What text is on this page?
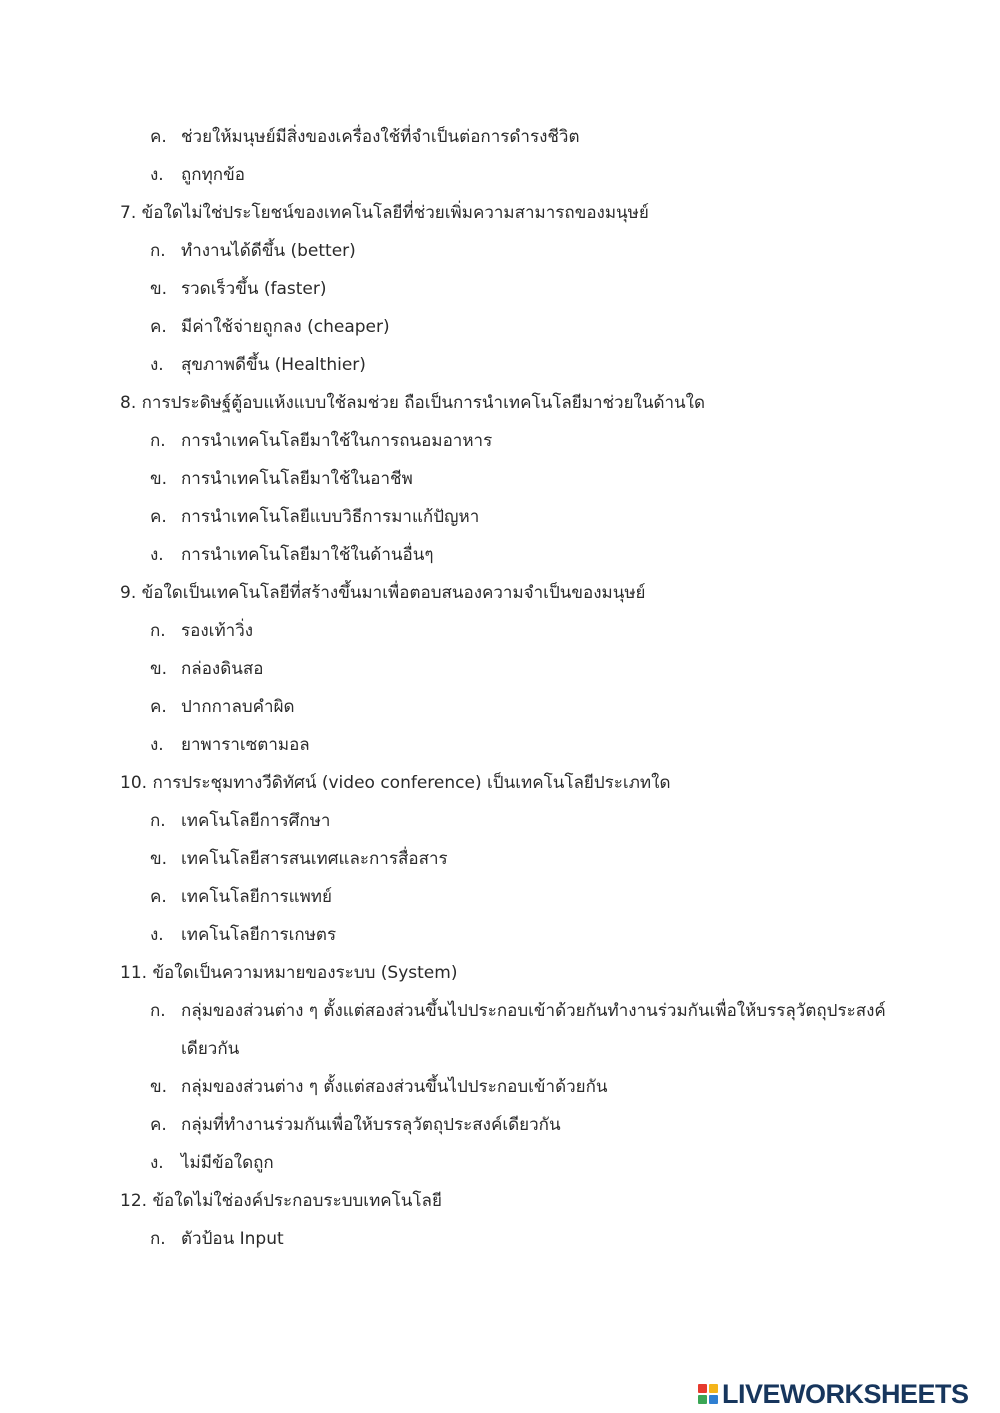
ค. ช่วยให้มนุษย์มีสิ่งของเครื่องใช้ที่จำเป็นต่อการดำรงชีวิต
ง. ถูกทุกข้อ
7. ข้อใดไม่ใช่ประโยชน์ของเทคโนโลยีที่ช่วยเพิ่มความสามารถของมนุษย์
ก. ทำงานได้ดีขึ้น (better)
ข. รวดเร็วขึ้น (faster)
ค. มีค่าใช้จ่ายถูกลง (cheaper)
ง. สุขภาพดีขึ้น (Healthier)
8. การประดิษฐ์ตู้อบแห้งแบบใช้ลมช่วย ถือเป็นการนำเทคโนโลยีมาช่วยในด้านใด
ก. การนำเทคโนโลยีมาใช้ในการถนอมอาหาร
ข. การนำเทคโนโลยีมาใช้ในอาชีพ
ค. การนำเทคโนโลยีแบบวิธีการมาแก้ปัญหา
ง. การนำเทคโนโลยีมาใช้ในด้านอื่นๆ
9. ข้อใดเป็นเทคโนโลยีที่สร้างขึ้นมาเพื่อตอบสนองความจำเป็นของมนุษย์
ก. รองเท้าวิ่ง
ข. กล่องดินสอ
ค. ปากกาลบคำผิด
ง. ยาพาราเซตามอล
10. การประชุมทางวีดิทัศน์ (video conference) เป็นเทคโนโลยีประเภทใด
ก. เทคโนโลยีการศึกษา
ข. เทคโนโลยีสารสนเทศและการสื่อสาร
ค. เทคโนโลยีการแพทย์
ง. เทคโนโลยีการเกษตร
11. ข้อใดเป็นความหมายของระบบ (System)
ก. กลุ่มของส่วนต่าง ๆ ตั้งแต่สองส่วนขึ้นไปประกอบเข้าด้วยกันทำงานร่วมกันเพื่อให้บรรลุวัตถุประสงค์
เดียวกัน
ข. กลุ่มของส่วนต่าง ๆ ตั้งแต่สองส่วนขึ้นไปประกอบเข้าด้วยกัน
ค. กลุ่มที่ทำงานร่วมกันเพื่อให้บรรลุวัตถุประสงค์เดียวกัน
ง. ไม่มีข้อใดถูก
12. ข้อใดไม่ใช่องค์ประกอบระบบเทคโนโลยี
ก. ตัวป้อน Input
LIVEWORKSHEETS
